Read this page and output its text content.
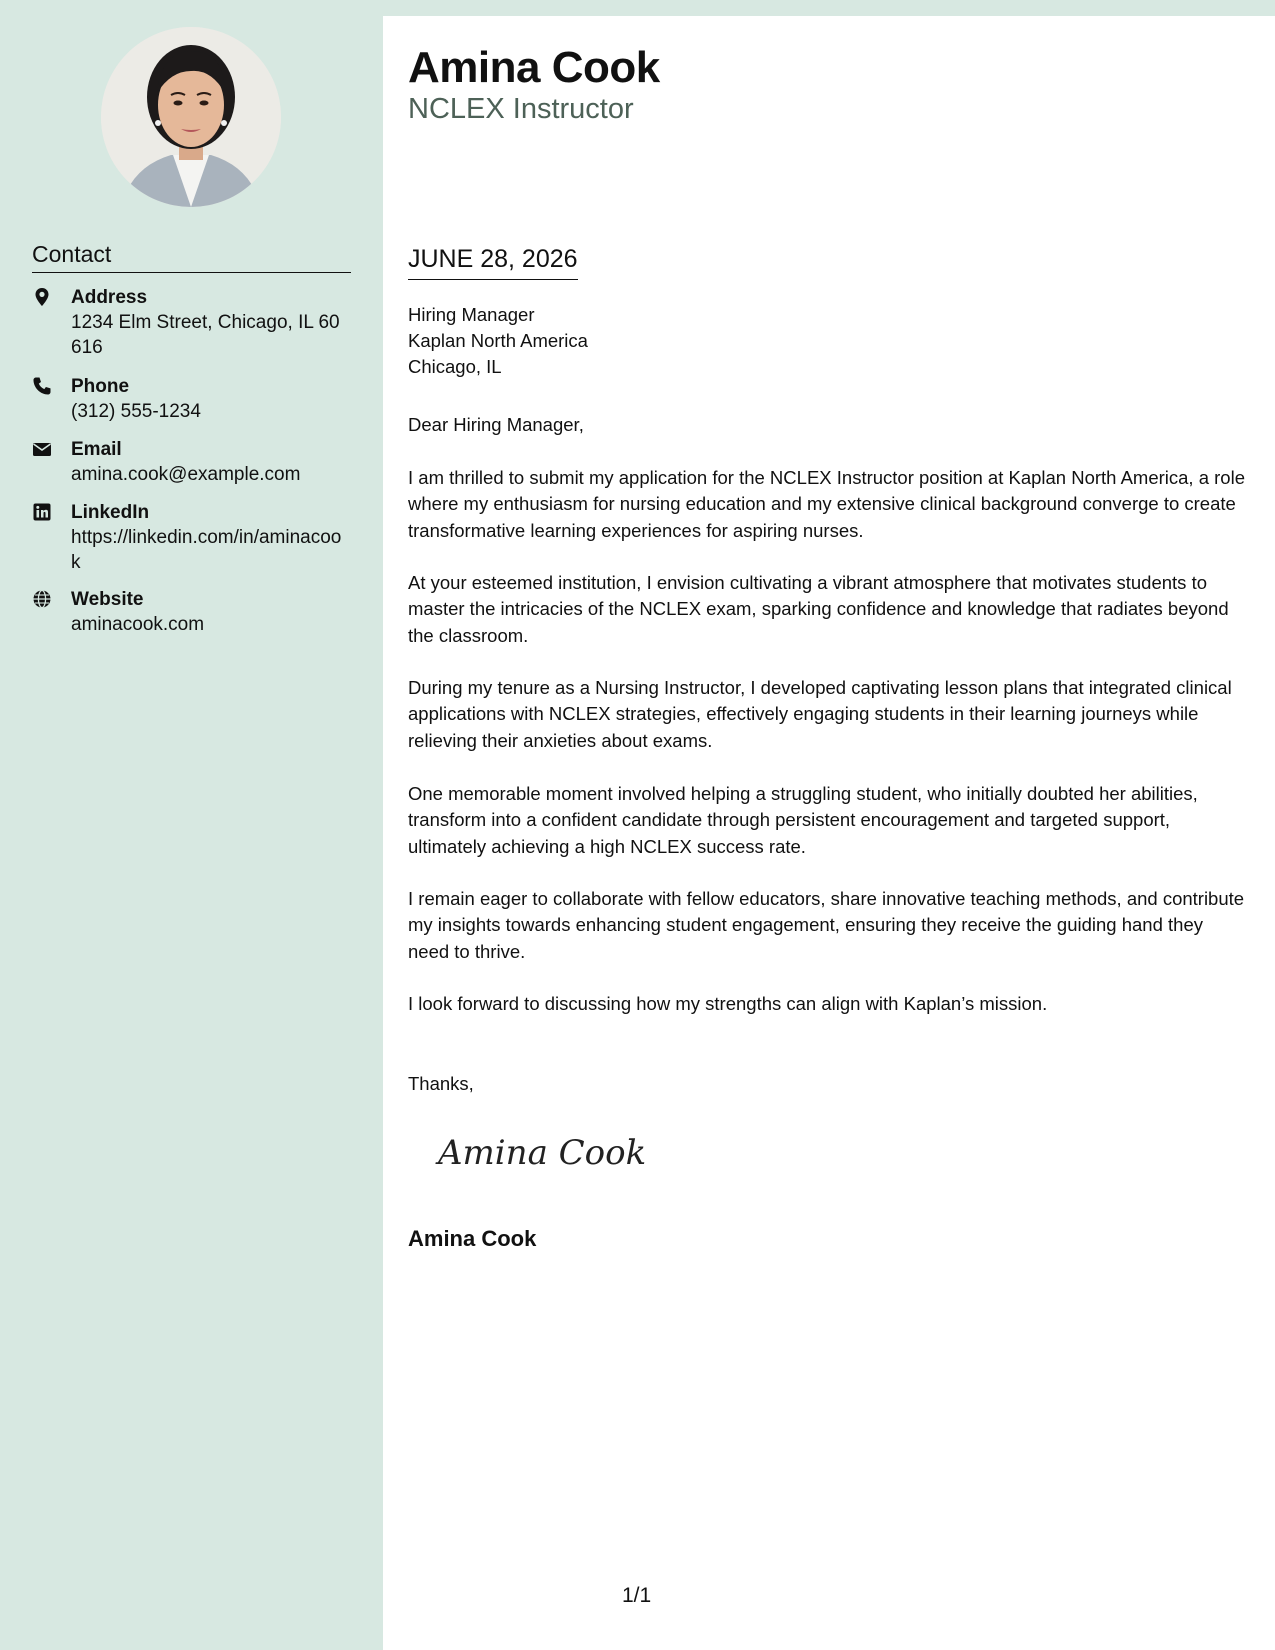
Contact
Address
1234 Elm Street, Chicago, IL 60616
Phone
(312) 555-1234
Email
amina.cook@example.com
LinkedIn
https://linkedin.com/in/aminacook
Website
aminacook.com
Amina Cook
NCLEX Instructor
JUNE 28, 2026

Hiring Manager

Kaplan North America

Chicago, IL

Dear Hiring Manager,

I am thrilled to submit my application for the NCLEX Instructor position at Kaplan North America, a role where my enthusiasm for nursing education and my extensive clinical background converge to create transformative learning experiences for aspiring nurses.

At your esteemed institution, I envision cultivating a vibrant atmosphere that motivates students to master the intricacies of the NCLEX exam, sparking confidence and knowledge that radiates beyond the classroom.

During my tenure as a Nursing Instructor, I developed captivating lesson plans that integrated clinical applications with NCLEX strategies, effectively engaging students in their learning journeys while relieving their anxieties about exams.

One memorable moment involved helping a struggling student, who initially doubted her abilities, transform into a confident candidate through persistent encouragement and targeted support, ultimately achieving a high NCLEX success rate.

I remain eager to collaborate with fellow educators, share innovative teaching methods, and contribute my insights towards enhancing student engagement, ensuring they receive the guiding hand they need to thrive.

I look forward to discussing how my strengths can align with Kaplan’s mission.

Thanks,

Amina Cook
Amina Cook
1/1
